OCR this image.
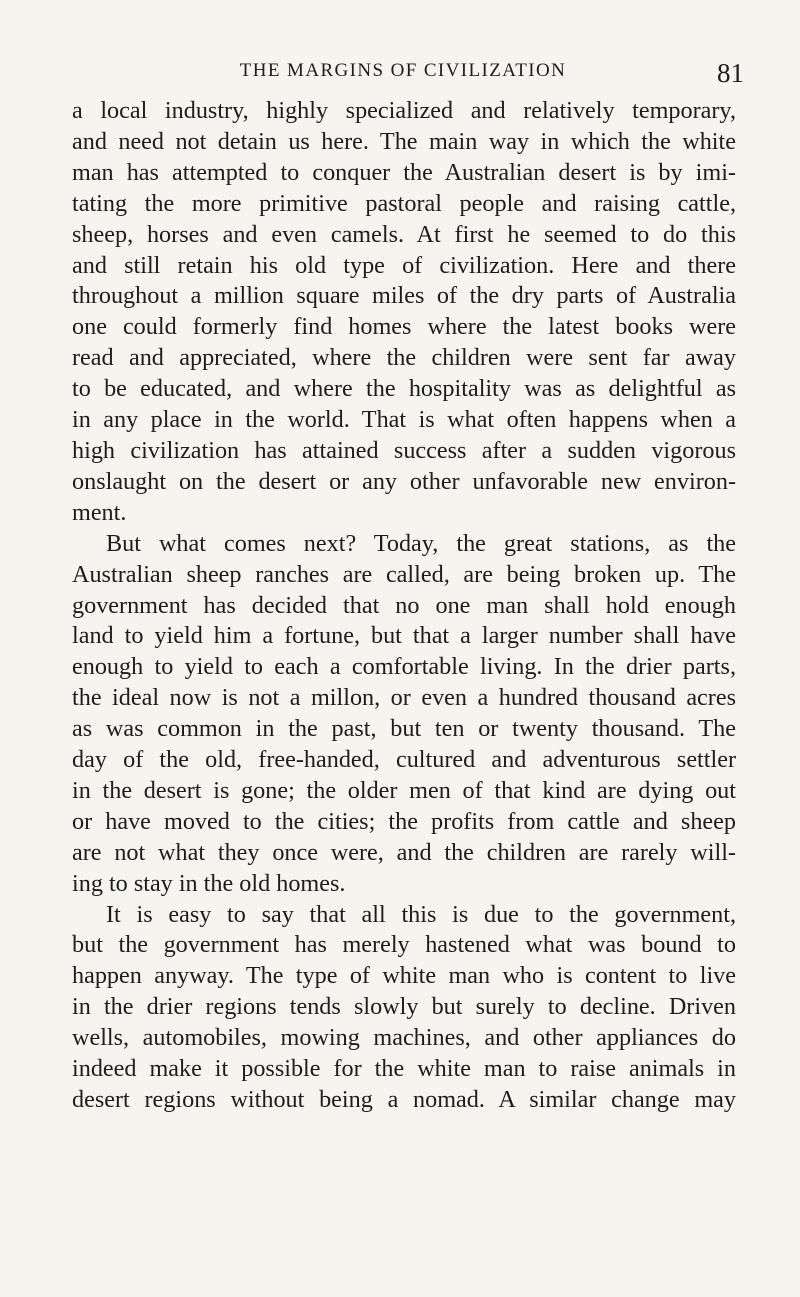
THE MARGINS OF CIVILIZATION	81
a local industry, highly specialized and relatively temporary,
and need not detain us here. The main way in which the white
man has attempted to conquer the Australian desert is by imi-
tating the more primitive pastoral people and raising cattle,
sheep, horses and even camels. At first he seemed to do this
and still retain his old type of civilization. Here and there
throughout a million square miles of the dry parts of Australia
one could formerly find homes where the latest books were
read and appreciated, where the children were sent far away
to be educated, and where the hospitality was as delightful as
in any place in the world. That is what often happens when a
high civilization has attained success after a sudden vigorous
onslaught on the desert or any other unfavorable new environ-
ment.
But what comes next? Today, the great stations, as the
Australian sheep ranches are called, are being broken up. The
government has decided that no one man shall hold enough
land to yield him a fortune, but that a larger number shall have
enough to yield to each a comfortable living. In the drier parts,
the ideal now is not a millon, or even a hundred thousand acres
as was common in the past, but ten or twenty thousand. The
day of the old, free-handed, cultured and adventurous settler
in the desert is gone; the older men of that kind are dying out
or have moved to the cities; the profits from cattle and sheep
are not what they once were, and the children are rarely will-
ing to stay in the old homes.
It is easy to say that all this is due to the government,
but the government has merely hastened what was bound to
happen anyway. The type of white man who is content to live
in the drier regions tends slowly but surely to decline. Driven
wells, automobiles, mowing machines, and other appliances do
indeed make it possible for the white man to raise animals in
desert regions without being a nomad. A similar change may
